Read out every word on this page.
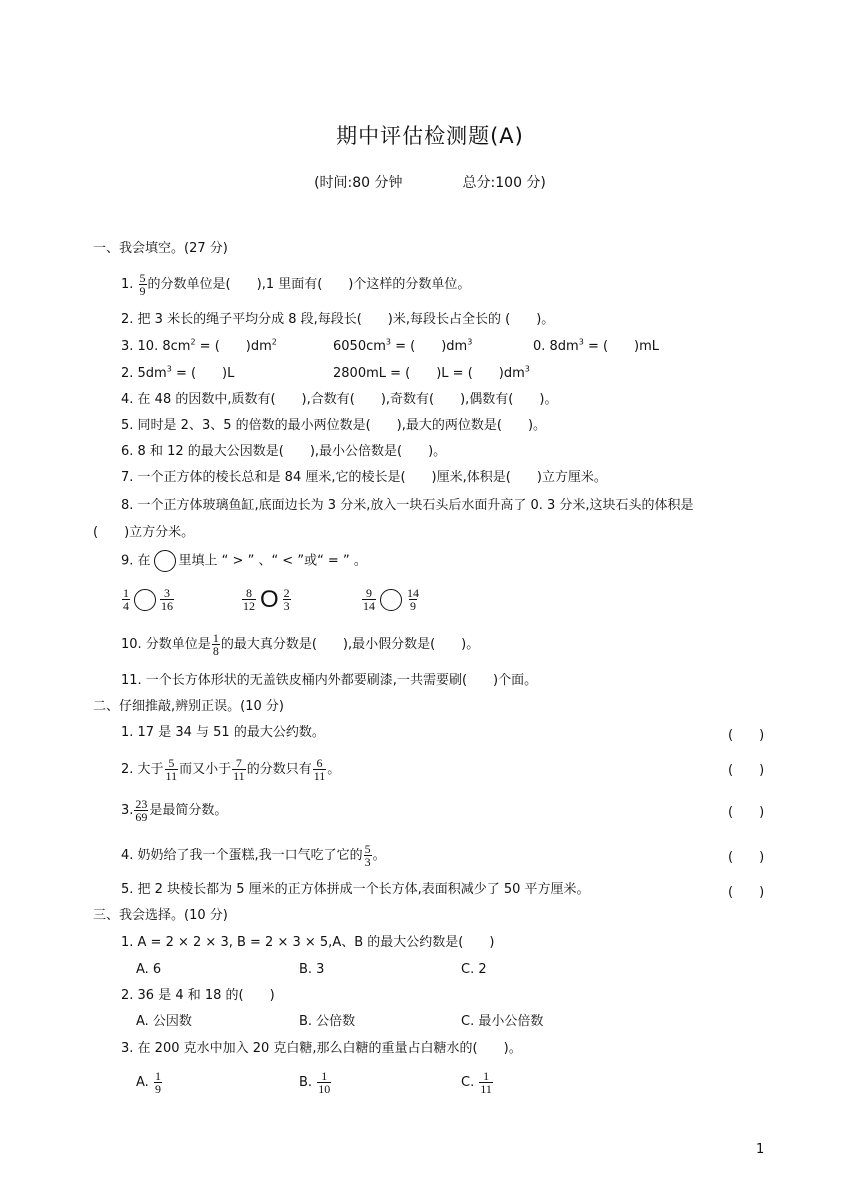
期中评估检测题(A)
(时间:80 分钟	总分:100 分)
一、我会填空。(27 分)
1. $\frac{5}{9}$ 的分数单位是(　　),1 里面有(　　)个这样的分数单位。
2. 把 3 米长的绳子平均分成 8 段,每段长(　　)米,每段长占全长的 (　　)。
3. 10. $8cm^2$ = (　　)$dm^2$	$6050cm^3$ = (　　)$dm^3$	0. $8dm^3$ = (　　)mL
2. $5dm^3$ = (　　)L	2800mL = (　　)L = (　　)$dm^3$
4. 在 48 的因数中,质数有(　　),合数有(　　),奇数有(　　),偶数有(　　)。
5. 同时是 2、3、5 的倍数的最小两位数是(　　),最大的两位数是(　　)。
6. 8 和 12 的最大公因数是(　　),最小公倍数是(　　)。
7. 一个正方体的棱长总和是 84 厘米,它的棱长是(　　)厘米,体积是(　　)立方厘米。
8. 一个正方体玻璃鱼缸,底面边长为 3 分米,放入一块石头后水面升高了 0. 3 分米,这块石头的体积是
(　　)立方分米。
9. 在 里填上 “ > ” 、“ < ”或“ = ” 。
$\frac{1}{4}$	$\frac{3}{16}$	$\frac{8}{12}$ O $\frac{2}{3}$	$\frac{9}{14}$	$\frac{14}{9}$
10. 分数单位是 $\frac{1}{8}$ 的最大真分数是(　　),最小假分数是(　　)。
11. 一个长方体形状的无盖铁皮桶内外都要刷漆,一共需要刷(　　)个面。
二、仔细推敲,辨别正误。(10 分)
1. 17 是 34 与 51 的最大公约数。	(　　)
2. 大于 $\frac{5}{11}$ 而又小于 $\frac{7}{11}$ 的分数只有 $\frac{6}{11}$ 。	(　　)
3. $\frac{23}{69}$ 是最简分数。	(　　)
4. 奶奶给了我一个蛋糕,我一口气吃了它的 $\frac{5}{3}$ 。	(　　)
5. 把 2 块棱长都为 5 厘米的正方体拼成一个长方体,表面积减少了 50 平方厘米。	(　　)
三、我会选择。(10 分)
1. A = 2 × 2 × 3, B = 2 × 3 × 5,A、B 的最大公约数是(　　)
A. 6	B. 3	C. 2
2. 36 是 4 和 18 的(　　)
A. 公因数	B. 公倍数	C. 最小公倍数
3. 在 200 克水中加入 20 克白糖,那么白糖的重量占白糖水的(　　)。
A. $\frac{1}{9}$	B. $\frac{1}{10}$	C. $\frac{1}{11}$
1
